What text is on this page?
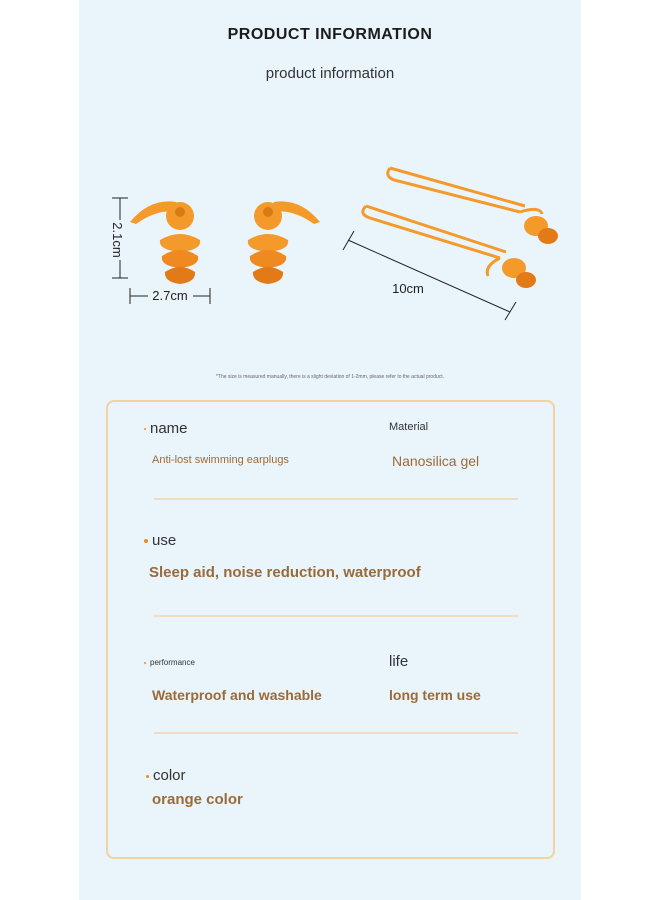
PRODUCT INFORMATION
product information
2.1cm
2.7cm	10cm
*The size is measured manually, there is a slight deviation of 1-2mm, please refer to the actual product.
name	Material
Anti-lost swimming earplugs	Nanosilica gel
use
Sleep aid, noise reduction, waterproof
performance	life
Waterproof and washable	long term use
color
orange color
